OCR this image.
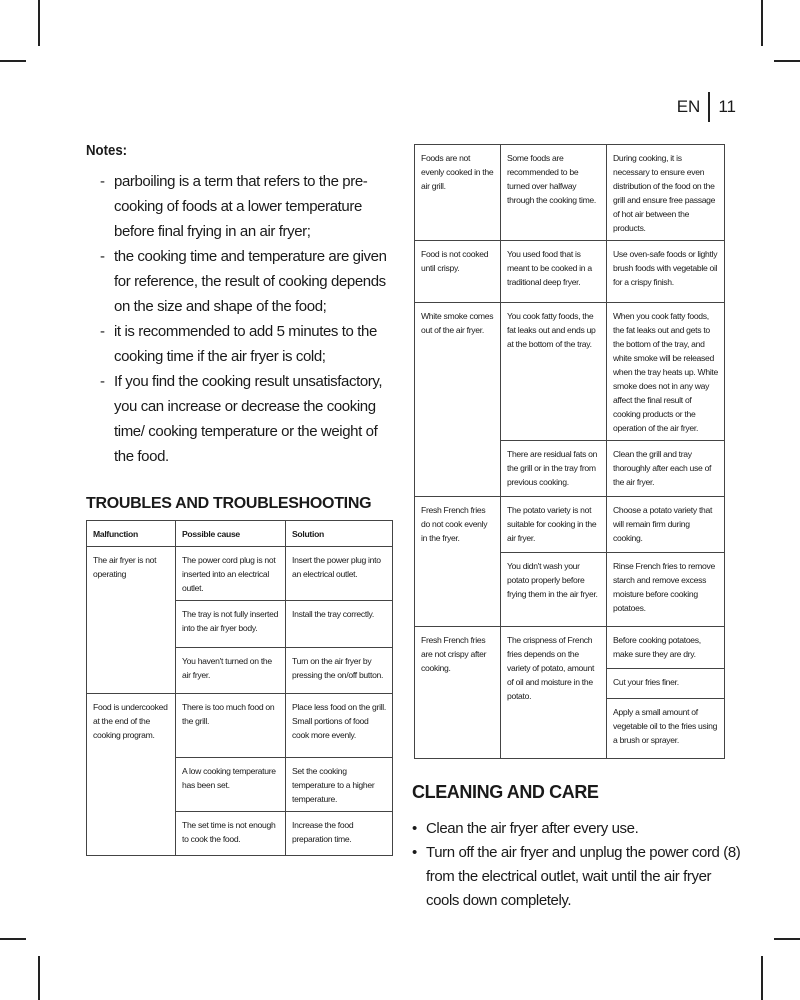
EN 11
Notes:
- parboiling is a term that refers to the pre-cooking of foods at a lower temperature before final frying in an air fryer;
- the cooking time and temperature are given for reference, the result of cooking depends on the size and shape of the food;
- it is recommended to add 5 minutes to the cooking time if the air fryer is cold;
- If you find the cooking result unsatisfactory, you can increase or decrease the cooking time/ cooking temperature or the weight of the food.
TROUBLES AND TROUBLESHOOTING
Malfunction	Possible cause	Solution
The air fryer is not operating	The power cord plug is not inserted into an electrical outlet.	Insert the power plug into an electrical outlet.
	The tray is not fully inserted into the air fryer body.	Install the tray correctly.
	You haven't turned on the air fryer.	Turn on the air fryer by pressing the on/off button.
Food is undercooked at the end of the cooking program.	There is too much food on the grill.	Place less food on the grill. Small portions of food cook more evenly.
	A low cooking temperature has been set.	Set the cooking temperature to a higher temperature.
	The set time is not enough to cook the food.	Increase the food preparation time.
Foods are not evenly cooked in the air grill.	Some foods are recommended to be turned over halfway through the cooking time.	During cooking, it is necessary to ensure even distribution of the food on the grill and ensure free passage of hot air between the products.
Food is not cooked until crispy.	You used food that is meant to be cooked in a traditional deep fryer.	Use oven-safe foods or lightly brush foods with vegetable oil for a crispy finish.
White smoke comes out of the air fryer.	You cook fatty foods, the fat leaks out and ends up at the bottom of the tray.	When you cook fatty foods, the fat leaks out and gets to the bottom of the tray, and white smoke will be released when the tray heats up. White smoke does not in any way affect the final result of cooking products or the operation of the air fryer.
	There are residual fats on the grill or in the tray from previous cooking.	Clean the grill and tray thoroughly after each use of the air fryer.
Fresh French fries do not cook evenly in the fryer.	The potato variety is not suitable for cooking in the air fryer.	Choose a potato variety that will remain firm during cooking.
	You didn't wash your potato properly before frying them in the air fryer.	Rinse French fries to remove starch and remove excess moisture before cooking potatoes.
Fresh French fries are not crispy after cooking.	The crispness of French fries depends on the variety of potato, amount of oil and moisture in the potato.	Before cooking potatoes, make sure they are dry.
		Cut your fries finer.
		Apply a small amount of vegetable oil to the fries using a brush or sprayer.
CLEANING AND CARE
• Clean the air fryer after every use.
• Turn off the air fryer and unplug the power cord (8) from the electrical outlet, wait until the air fryer cools down completely.
